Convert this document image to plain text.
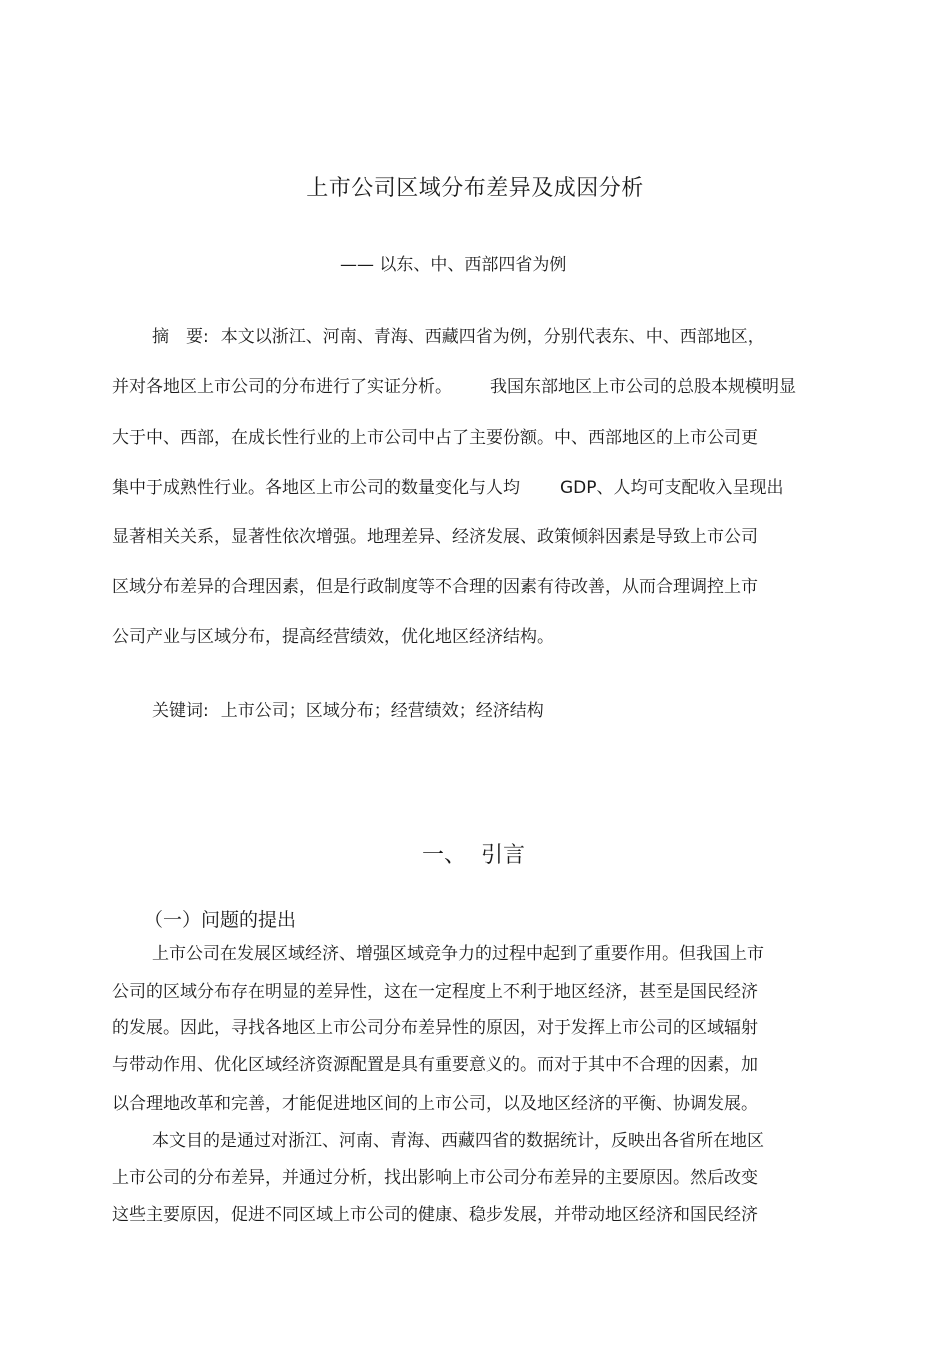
上市公司区域分布差异及成因分析
—— 以东、中、西部四省为例
摘　要: 本文以浙江、河南、青海、西藏四省为例，分别代表东、中、西部地区，
并对各地区上市公司的分布进行了实证分析。 我国东部地区上市公司的总股本规模明显
大于中、西部，在成长性行业的上市公司中占了主要份额。中、西部地区的上市公司更
集中于成熟性行业。各地区上市公司的数量变化与人均 GDP、人均可支配收入呈现出
显著相关关系，显著性依次增强。地理差异、经济发展、政策倾斜因素是导致上市公司
区域分布差异的合理因素，但是行政制度等不合理的因素有待改善，从而合理调控上市
公司产业与区域分布，提高经营绩效，优化地区经济结构。
关键词: 上市公司；区域分布；经营绩效；经济结构
一、 引言
（一）问题的提出
上市公司在发展区域经济、增强区域竞争力的过程中起到了重要作用。但我国上市
公司的区域分布存在明显的差异性，这在一定程度上不利于地区经济，甚至是国民经济
的发展。因此，寻找各地区上市公司分布差异性的原因，对于发挥上市公司的区域辐射
与带动作用、优化区域经济资源配置是具有重要意义的。而对于其中不合理的因素，加
以合理地改革和完善，才能促进地区间的上市公司，以及地区经济的平衡、协调发展。
本文目的是通过对浙江、河南、青海、西藏四省的数据统计，反映出各省所在地区
上市公司的分布差异，并通过分析，找出影响上市公司分布差异的主要原因。然后改变
这些主要原因，促进不同区域上市公司的健康、稳步发展，并带动地区经济和国民经济
